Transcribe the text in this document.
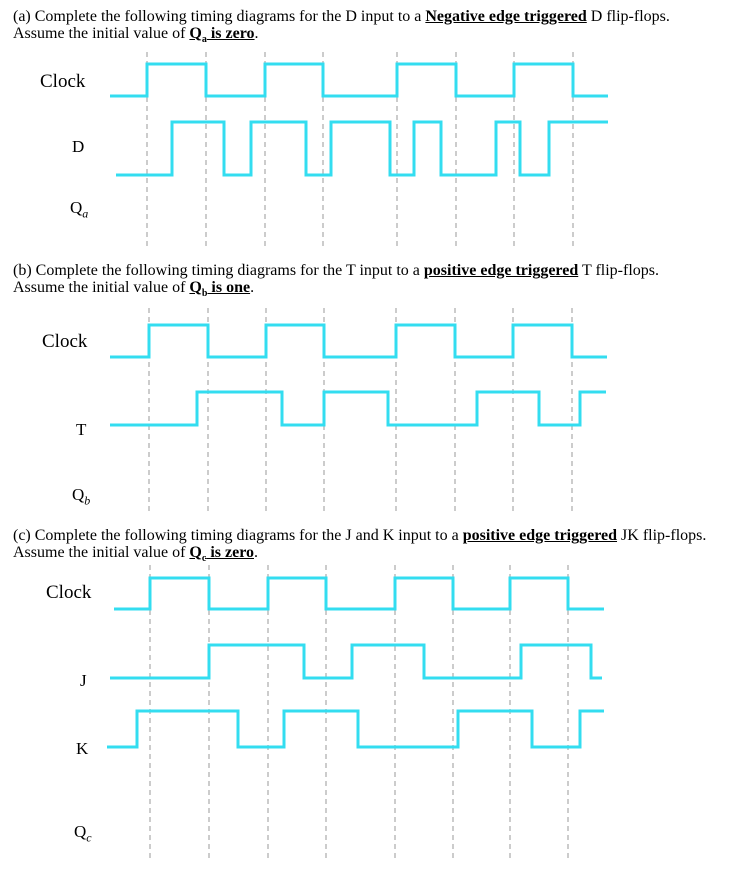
(a) Complete the following timing diagrams for the D input to a Negative edge triggered D flip-flops. Assume the initial value of $Q_a$ is zero.
Clock
D
$Q_a$
(b) Complete the following timing diagrams for the T input to a positive edge triggered T flip-flops. Assume the initial value of $Q_b$ is one.
Clock
T
$Q_b$
(c) Complete the following timing diagrams for the J and K input to a positive edge triggered JK flip-flops. Assume the initial value of $Q_c$ is zero.
Clock
J
K
$Q_c$
